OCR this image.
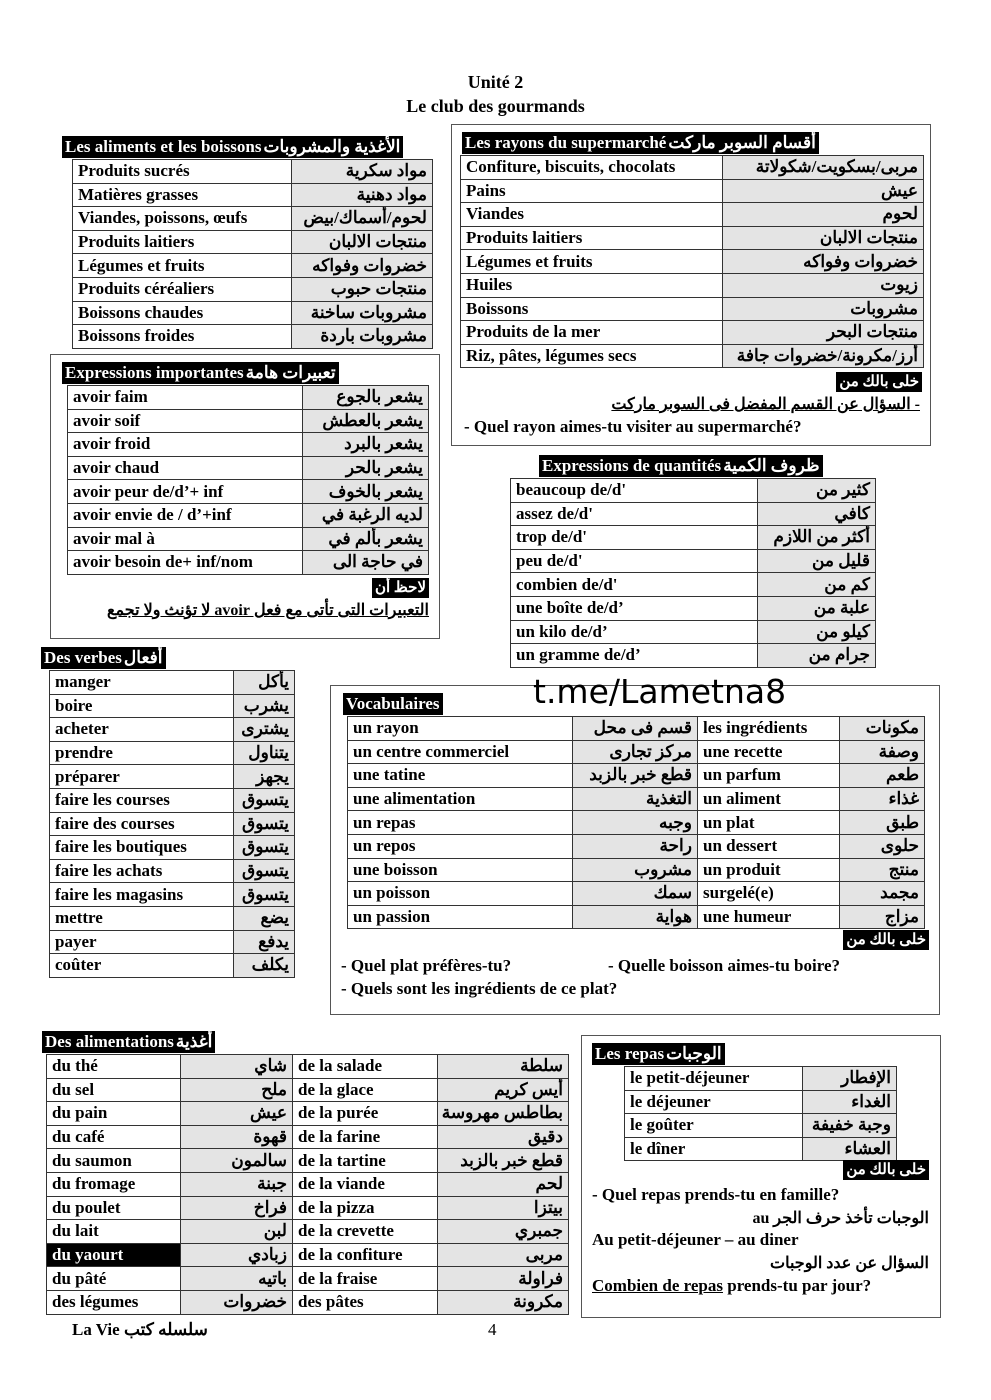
Unité 2
Le club des gourmands
Les aliments et les boissons الأغذية والمشروبات
Produits sucrés	مواد سكرية
Matières grasses	مواد دهنية
Viandes, poissons, œufs	لحوم/أسماك/بيض
Produits laitiers	منتجات الالبان
Légumes et fruits	خضروات وفواكه
Produits céréaliers	منتجات حبوب
Boissons chaudes	مشروبات ساخنة
Boissons froides	مشروبات باردة
Les rayons du supermarché أقسام السوبر ماركت
Confiture, biscuits, chocolats	مربى/بسكويت/شكولاتة
Pains	عيش
Viandes	لحوم
Produits laitiers	منتجات الالبان
Légumes et fruits	خضروات وفواكه
Huiles	زيوت
Boissons	مشروبات
Produits de la mer	منتجات البحر
Riz, pâtes, légumes secs	أرز/مكرونة/خضروات جافة
خلى بالك من
- السؤال عن القسم المفضل فى السوبر ماركت
- Quel rayon aimes-tu visiter au supermarché?
Expressions importantes تعبيرات هامة
avoir faim	يشعر بالجوع
avoir soif	يشعر بالعطش
avoir froid	يشعر بالبرد
avoir chaud	يشعر بالحر
avoir peur de/d’+ inf	يشعر بالخوف
avoir envie de / d’+inf	لديه الرغبة في
avoir mal à	يشعر بألم في
avoir besoin de+ inf/nom	في حاجة الى
لاحظ أن
التعبيرات التى تأتى مع فعل avoir لا تؤنث ولا تجمع
Expressions de quantités ظروف الكمية
beaucoup de/d'	كثير من
assez de/d'	كافي
trop de/d'	أكثر من اللازم
peu de/d'	قليل من
combien de/d'	كم من
une boîte de/d’	علبة من
un kilo de/d’	كيلو من
un gramme de/d’	جرام من
Des verbes أفعال
manger	يأكل
boire	يشرب
acheter	يشترى
prendre	يتناول
préparer	يجهز
faire les courses	يتسوق
faire des courses	يتسوق
faire les boutiques	يتسوق
faire les achats	يتسوق
faire les magasins	يتسوق
mettre	يضع
payer	يدفع
coûter	يكلف
Vocabulaires	t.me/Lametna8
un rayon	قسم فى محل	les ingrédients	مكونات
un centre commerciel	مركز تجارى	une recette	وصفة
une tatine	قطع خبر بالزبد	un parfum	طعم
une alimentation	التغذية	un aliment	غذاء
un repas	وجبه	un plat	طبق
un repos	راحة	un dessert	حلوى
une boisson	مشروب	un produit	منتج
un poisson	سمك	surgelé(e)	مجمد
un passion	هواية	une humeur	مزاج
خلى بالك من
- Quel plat préfères-tu?	- Quelle boisson aimes-tu boire?
- Quels sont les ingrédients de ce plat?
Des alimentations أغذية
du thé	شاي	de la salade	سلطة
du sel	ملح	de la glace	أيس كريم
du pain	عيش	de la purée	بطاطس مهروسة
du café	قهوة	de la farine	دقيق
du saumon	سالمون	de la tartine	قطع خبر بالزبد
du fromage	جبنة	de la viande	لحم
du poulet	فراخ	de la pizza	بيتزا
du lait	لبن	de la crevette	جمبري
du yaourt	زبادي	de la confiture	مربى
du pâté	باتيه	de la fraise	فراولة
des légumes	خضروات	des pâtes	مكرونة
Les repas الوجبات
le petit-déjeuner	الإفطار
le déjeuner	الغداء
le goûter	وجبة خفيفة
le dîner	العشاء
خلى بالك من
- Quel repas prends-tu en famille?
الوجبات تأخذ حرف الجر au
Au petit-déjeuner – au diner
السؤال عن عدد الوجبات
Combien de repas prends-tu par jour?
La Vie سلسله كتب	4
